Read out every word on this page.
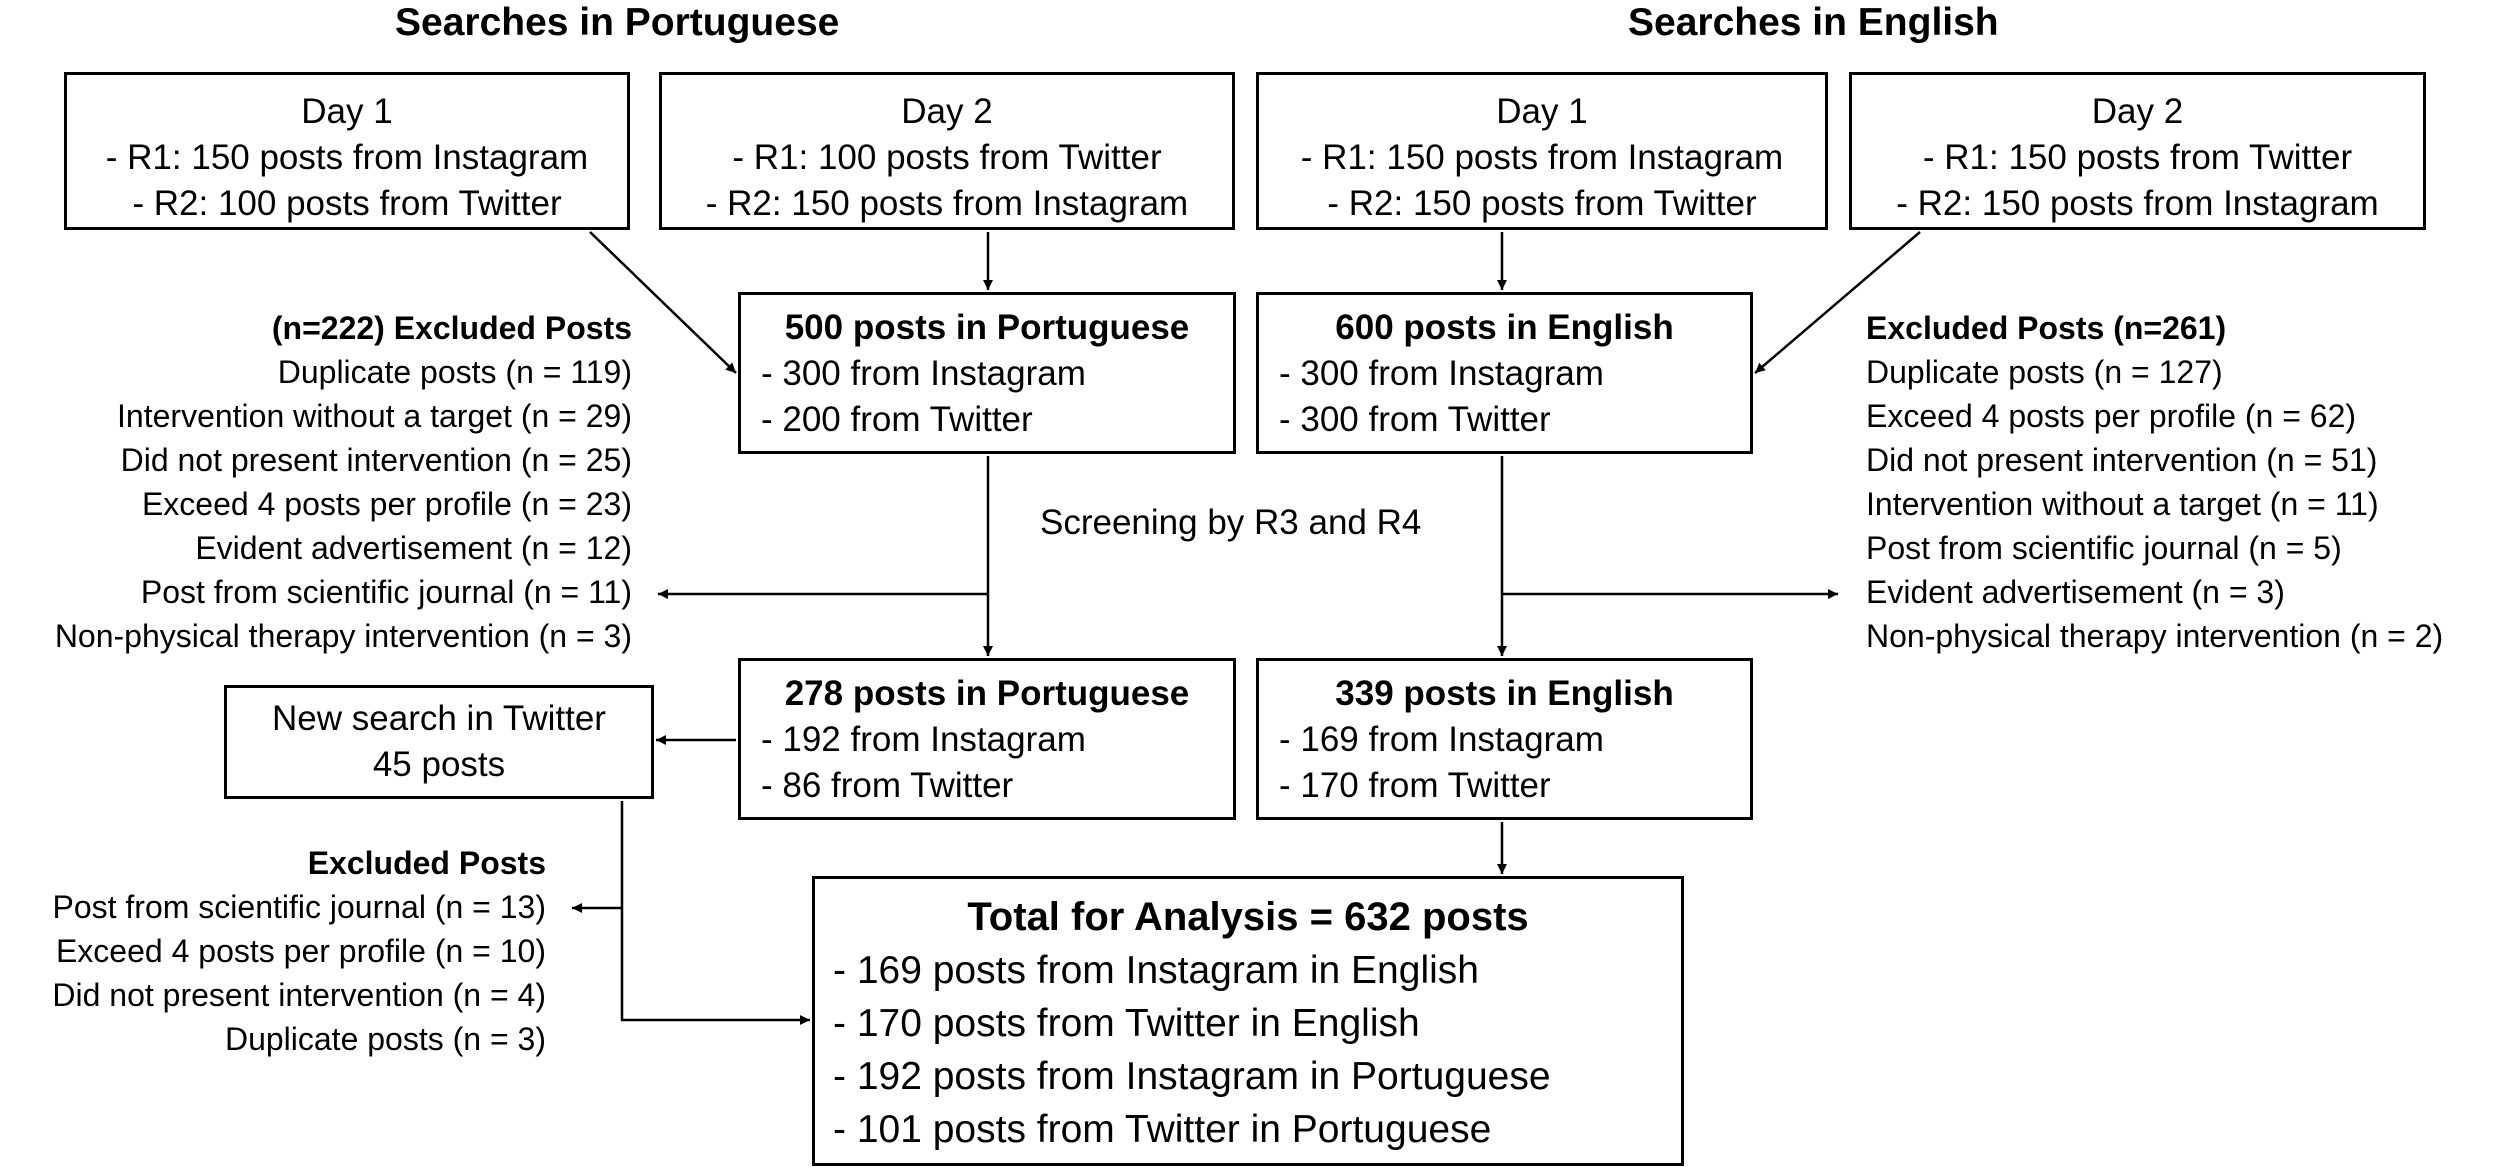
Searches in Portuguese	Searches in English
Day 1
- R1: 150 posts from Instagram
- R2: 100 posts from Twitter
Day 2
- R1: 100 posts from Twitter
- R2: 150 posts from Instagram
Day 1
- R1: 150 posts from Instagram
- R2: 150 posts from Twitter
Day 2
- R1: 150 posts from Twitter
- R2: 150 posts from Instagram
500 posts in Portuguese
- 300 from Instagram
- 200 from Twitter
600 posts in English
- 300 from Instagram
- 300 from Twitter
Screening by R3 and R4
(n=222) Excluded Posts
Duplicate posts (n = 119)
Intervention without a target (n = 29)
Did not present intervention (n = 25)
Exceed 4 posts per profile (n = 23)
Evident advertisement (n = 12)
Post from scientific journal (n = 11)
Non-physical therapy intervention (n = 3)
Excluded Posts (n=261)
Duplicate posts (n = 127)
Exceed 4 posts per profile (n = 62)
Did not present intervention (n = 51)
Intervention without a target (n = 11)
Post from scientific journal (n = 5)
Evident advertisement (n = 3)
Non-physical therapy intervention (n = 2)
278 posts in Portuguese
- 192 from Instagram
- 86 from Twitter
339 posts in English
- 169 from Instagram
- 170 from Twitter
New search in Twitter
45 posts
Excluded Posts
Post from scientific journal (n = 13)
Exceed 4 posts per profile (n = 10)
Did not present intervention (n = 4)
Duplicate posts (n = 3)
Total for Analysis = 632 posts
- 169 posts from Instagram in English
- 170 posts from Twitter in English
- 192 posts from Instagram in Portuguese
- 101 posts from Twitter in Portuguese
